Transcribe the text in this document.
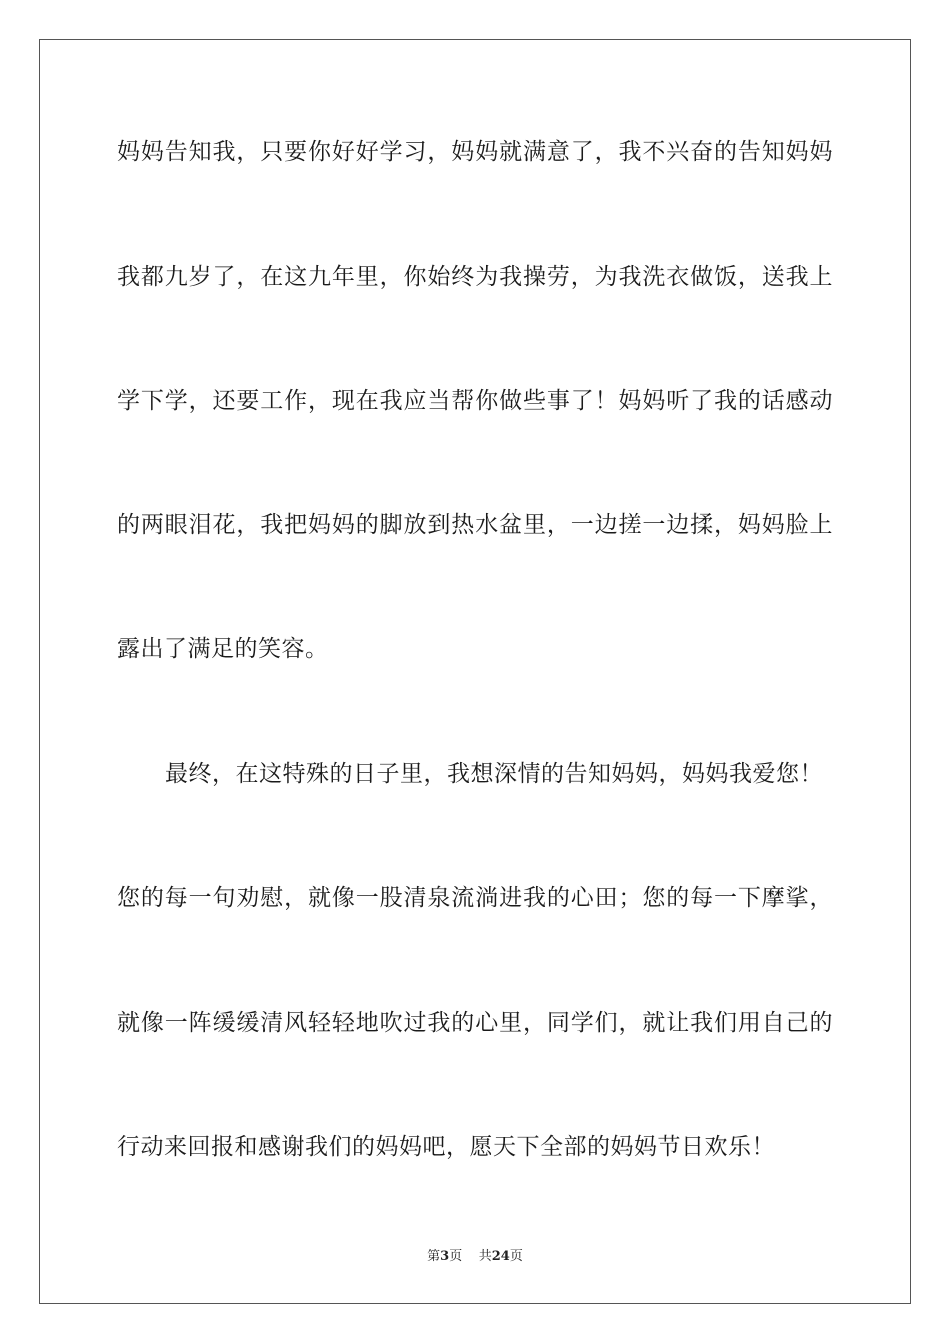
妈妈告知我，只要你好好学习，妈妈就满意了，我不兴奋的告知妈妈
我都九岁了，在这九年里，你始终为我操劳，为我洗衣做饭，送我上
学下学，还要工作，现在我应当帮你做些事了！妈妈听了我的话感动
的两眼泪花，我把妈妈的脚放到热水盆里，一边搓一边揉，妈妈脸上
露出了满足的笑容。
最终，在这特殊的日子里，我想深情的告知妈妈，妈妈我爱您！
您的每一句劝慰，就像一股清泉流淌进我的心田；您的每一下摩挲，
就像一阵缓缓清风轻轻地吹过我的心里，同学们，就让我们用自己的
行动来回报和感谢我们的妈妈吧，愿天下全部的妈妈节日欢乐！
第3页 共24页
